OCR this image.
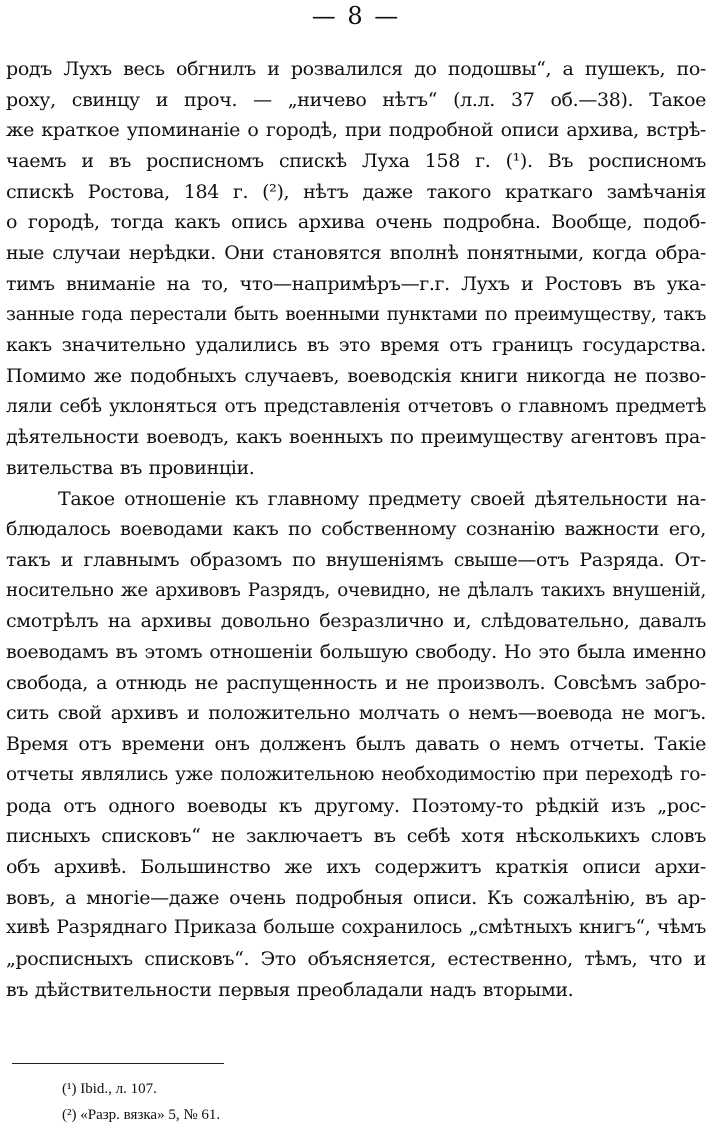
— 8 —
родъ Лухъ весь обгнилъ и розвалился до подошвы“, а пушекъ, по-
роху, свинцу и проч. — „ничево нѣтъ“ (л.л. 37 об.—38). Такое
же краткое упоминаніе о городѣ, при подробной описи архива, встрѣ-
чаемъ и въ росписномъ спискѣ Луха 158 г. (¹). Въ росписномъ
спискѣ Ростова, 184 г. (²), нѣтъ даже такого краткаго замѣчанія
о городѣ, тогда какъ опись архива очень подробна. Вообще, подоб-
ные случаи нерѣдки. Они становятся вполнѣ понятными, когда обра-
тимъ вниманіе на то, что—напримѣръ—г.г. Лухъ и Ростовъ въ ука-
занные года перестали быть военными пунктами по преимуществу, такъ
какъ значительно удалились въ это время отъ границъ государства.
Помимо же подобныхъ случаевъ, воеводскія книги никогда не позво-
ляли себѣ уклоняться отъ представленія отчетовъ о главномъ предметѣ
дѣятельности воеводъ, какъ военныхъ по преимуществу агентовъ пра-
вительства въ провинціи.
Такое отношеніе къ главному предмету своей дѣятельности на-
блюдалось воеводами какъ по собственному сознанію важности его,
такъ и главнымъ образомъ по внушеніямъ свыше—отъ Разряда. От-
носительно же архивовъ Разрядъ, очевидно, не дѣлалъ такихъ внушеній,
смотрѣлъ на архивы довольно безразлично и, слѣдовательно, давалъ
воеводамъ въ этомъ отношеніи большую свободу. Но это была именно
свобода, а отнюдь не распущенность и не произволъ. Совсѣмъ забро-
сить свой архивъ и положительно молчать о немъ—воевода не могъ.
Время отъ времени онъ долженъ былъ давать о немъ отчеты. Такіе
отчеты являлись уже положительною необходимостію при переходѣ го-
рода отъ одного воеводы къ другому. Поэтому-то рѣдкій изъ „рос-
писныхъ списковъ“ не заключаетъ въ себѣ хотя нѣсколькихъ словъ
объ архивѣ. Большинство же ихъ содержитъ краткія описи архи-
вовъ, а многіе—даже очень подробныя описи. Къ сожалѣнію, въ ар-
хивѣ Разряднаго Приказа больше сохранилось „смѣтныхъ книгъ“, чѣмъ
„росписныхъ списковъ“. Это объясняется, естественно, тѣмъ, что и
въ дѣйствительности первыя преобладали надъ вторыми.
(¹) Ibid., л. 107.
(²) «Разр. вязка» 5, № 61.
